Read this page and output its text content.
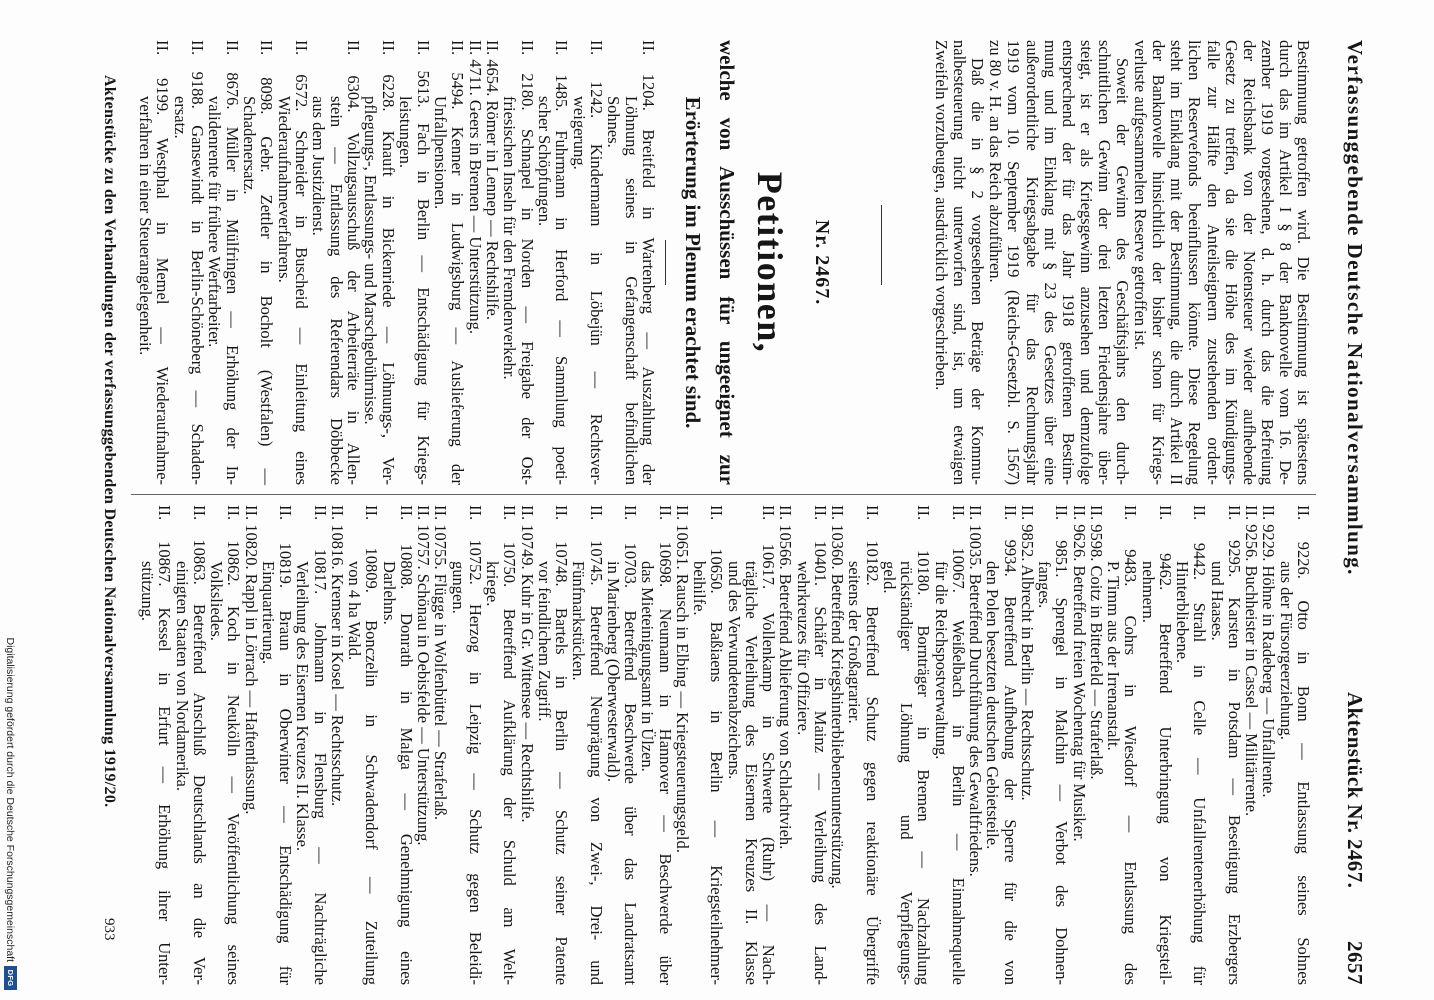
Verfassunggebende Deutsche Nationalversammlung.
Aktenstück Nr. 2467.
2657
Bestimmung getroffen wird. Die Bestimmung ist spätestens
durch das im Artikel I § 8 der Banknovelle vom 16. De-
zember 1919 vorgesehene, d. h. durch das die Befreiung
der Reichsbank von der Notensteuer wieder aufhebende
Gesetz zu treffen, da sie die Höhe des im Kündigungs-
falle zur Hälfte den Anteilseignern zustehenden ordent-
lichen Reservefonds beeinflussen könnte. Diese Regelung
steht im Einklang mit der Bestimmung, die durch Artikel II
der Banknovelle hinsichtlich der bisher schon für Kriegs-
verluste aufgesammelten Reserve getroffen ist.
Soweit der Gewinn des Geschäftsjahrs den durch-
schnittlichen Gewinn der drei letzten Friedensjahre über-
steigt, ist er als Kriegsgewinn anzusehen und demzufolge
entsprechend der für das Jahr 1918 getroffenen Bestim-
mung und im Einklang mit § 23 des Gesetzes über eine
außerordentliche Kriegsabgabe für das Rechnungsjahr
1919 vom 10. September 1919 (Reichs-Gesetzbl. S. 1567)
zu 80 v. H. an das Reich abzuführen.
Daß die in § 2 vorgesehenen Beträge der Kommu-
nalbesteuerung nicht unterworfen sind, ist, um etwaigen
Zweifeln vorzubeugen, ausdrücklich vorgeschrieben.
Nr. 2467.
Petitionen,
welche von Ausschüssen für ungeeignet zur
Erörterung im Plenum erachtet sind.
II. 1204. Breitfeld in Wartenberg — Auszahlung der
Löhnung seines in Gefangenschaft befindlichen
Sohnes.
II. 1242. Kindermann in Löbejün — Rechtsver-
weigerung.
II. 1485. Fuhrmann in Herford — Sammlung poeti-
scher Schöpfungen.
II. 2180. Schnapel in Norden — Freigabe der Ost-
friesischen Inseln für den Fremdenverkehr.
II. 4654. Römer in Lennep — Rechtshilfe.
II. 4711. Geers in Bremen — Unterstützung.
II. 5494. Kenner in Ludwigsburg — Auslieferung der
Unfallpensionen.
II. 5613. Fach in Berlin — Entschädigung für Kriegs-
leistungen.
II. 6228. Knauft in Bickenriede — Löhnungs-, Ver-
pflegungs-, Entlassungs- und Marschgebührnisse.
II. 6304. Vollzugsausschuß der Arbeiterräte in Allen-
stein — Entlassung des Referendars Döbbecke
aus dem Justizdienst.
II. 6572. Schneider in Buscheid — Einleitung eines
Wiederaufnahmeverfahrens.
II. 8098. Gebr. Zettler in Bocholt (Westfalen) —
Schadenersatz.
II. 8676. Müller in Mülfringen — Erhöhung der In-
validenrente für frühere Werftarbeiter.
II. 9188. Gansewindt in Berlin-Schöneberg — Schaden-
ersatz.
II. 9199. Westphal in Memel — Wiederaufnahme-
verfahren in einer Steuerangelegenheit.
II. 9226. Otto in Bonn — Entlassung seines Sohnes
aus der Fürsorgeerziehung.
II. 9229. Höhne in Radeberg — Unfallrente.
II. 9256. Buchheister in Cassel — Militärrente.
II. 9295. Karsten in Potsdam — Beseitigung Erzbergers
und Haases.
II. 9442. Strahl in Celle — Unfallrentenerhöhung für
Hinterbliebene.
II. 9462. Betreffend Unterbringung von Kriegsteil-
nehmern.
II. 9483. Cohrs in Wiesdorf — Entlassung des
P. Timm aus der Irrenanstalt.
II. 9598. Coitz in Bitterfeld — Straferlaß.
II. 9626. Betreffend freien Wochentag für Musiker.
II. 9851. Sprengel in Malchin — Verbot des Dohnen-
fanges.
II. 9852. Albrecht in Berlin — Rechtsschutz.
II. 9934. Betreffend Aufhebung der Sperre für die von
den Polen besetzten deutschen Gebietsteile.
II. 10035. Betreffend Durchführung des Gewaltfriedens.
II. 10067. Weißelbach in Berlin — Einnahmequelle
für die Reichspostverwaltung.
II. 10180. Bornträger in Bremen — Nachzahlung
rückständiger Löhnung und Verpflegungs-
geld.
II. 10182. Betreffend Schutz gegen reaktionäre Übergriffe
seitens der Großagrarier.
II. 10360. Betreffend Kriegshinterbliebenenunterstützung.
II. 10401. Schäfer in Mainz — Verleihung des Land-
wehrkreuzes für Offiziere.
II. 10566. Betreffend Ablieferung von Schlachtvieh.
II. 10617. Vollenkamp in Schwerte (Ruhr) — Nach-
trägliche Verleihung des Eisernen Kreuzes II. Klasse
und des Verwundetenabzeichens.
II. 10650. Baßiaens in Berlin — Kriegsteilnehmer-
beihilfe.
II. 10651. Rausch in Elbing — Kriegsteuerungsgeld.
II. 10698. Neumann in Hannover — Beschwerde über
das Mieteinigungsamt in Ülzen.
II. 10703. Betreffend Beschwerde über das Landratsamt
in Marienberg (Oberwesterwald).
II. 10745. Betreffend Neuprägung von Zwei-, Drei- und
Fünfmarkstücken.
II. 10748. Bartels in Berlin — Schutz seiner Patente
vor feindlichem Zugriff.
II. 10749. Kuhr in Gr. Wittensee — Rechtshilfe.
II. 10750. Betreffend Aufklärung der Schuld am Welt-
kriege.
II. 10752. Herzog in Leipzig — Schutz gegen Beleidi-
gungen.
II. 10755. Flügge in Wolfenbüttel — Straferlaß.
II. 10757. Schönau in Oebisfelde — Unterstützung.
II. 10808. Donrath in Malga — Genehmigung eines
Darlehns.
II. 10809. Bonczelin in Schwadendorf — Zuteilung
von 4 ha Wald.
II. 10816. Kremser in Kosel — Rechtsschutz.
II. 10817. Johmann in Flensburg — Nachträgliche
Verleihung des Eisernen Kreuzes II. Klasse.
II. 10819. Braun in Oberwinter — Entschädigung für
Einquartierung.
II. 10820. Rappl in Lörrach — Haftentlassung.
II. 10862. Koch in Neukölln — Veröffentlichung seines
Volksliedes.
II. 10863. Betreffend Anschluß Deutschlands an die Ver-
einigten Staaten von Nordamerika.
II. 10867. Kessel in Erfurt — Erhöhung ihrer Unter-
stützung.
Aktenstücke zu den Verhandlungen der verfassunggebenden Deutschen Nationalversammlung 1919/20.
933
Digitalisierung gefördert durch die Deutsche Forschungsgemeinschaft
DFG
